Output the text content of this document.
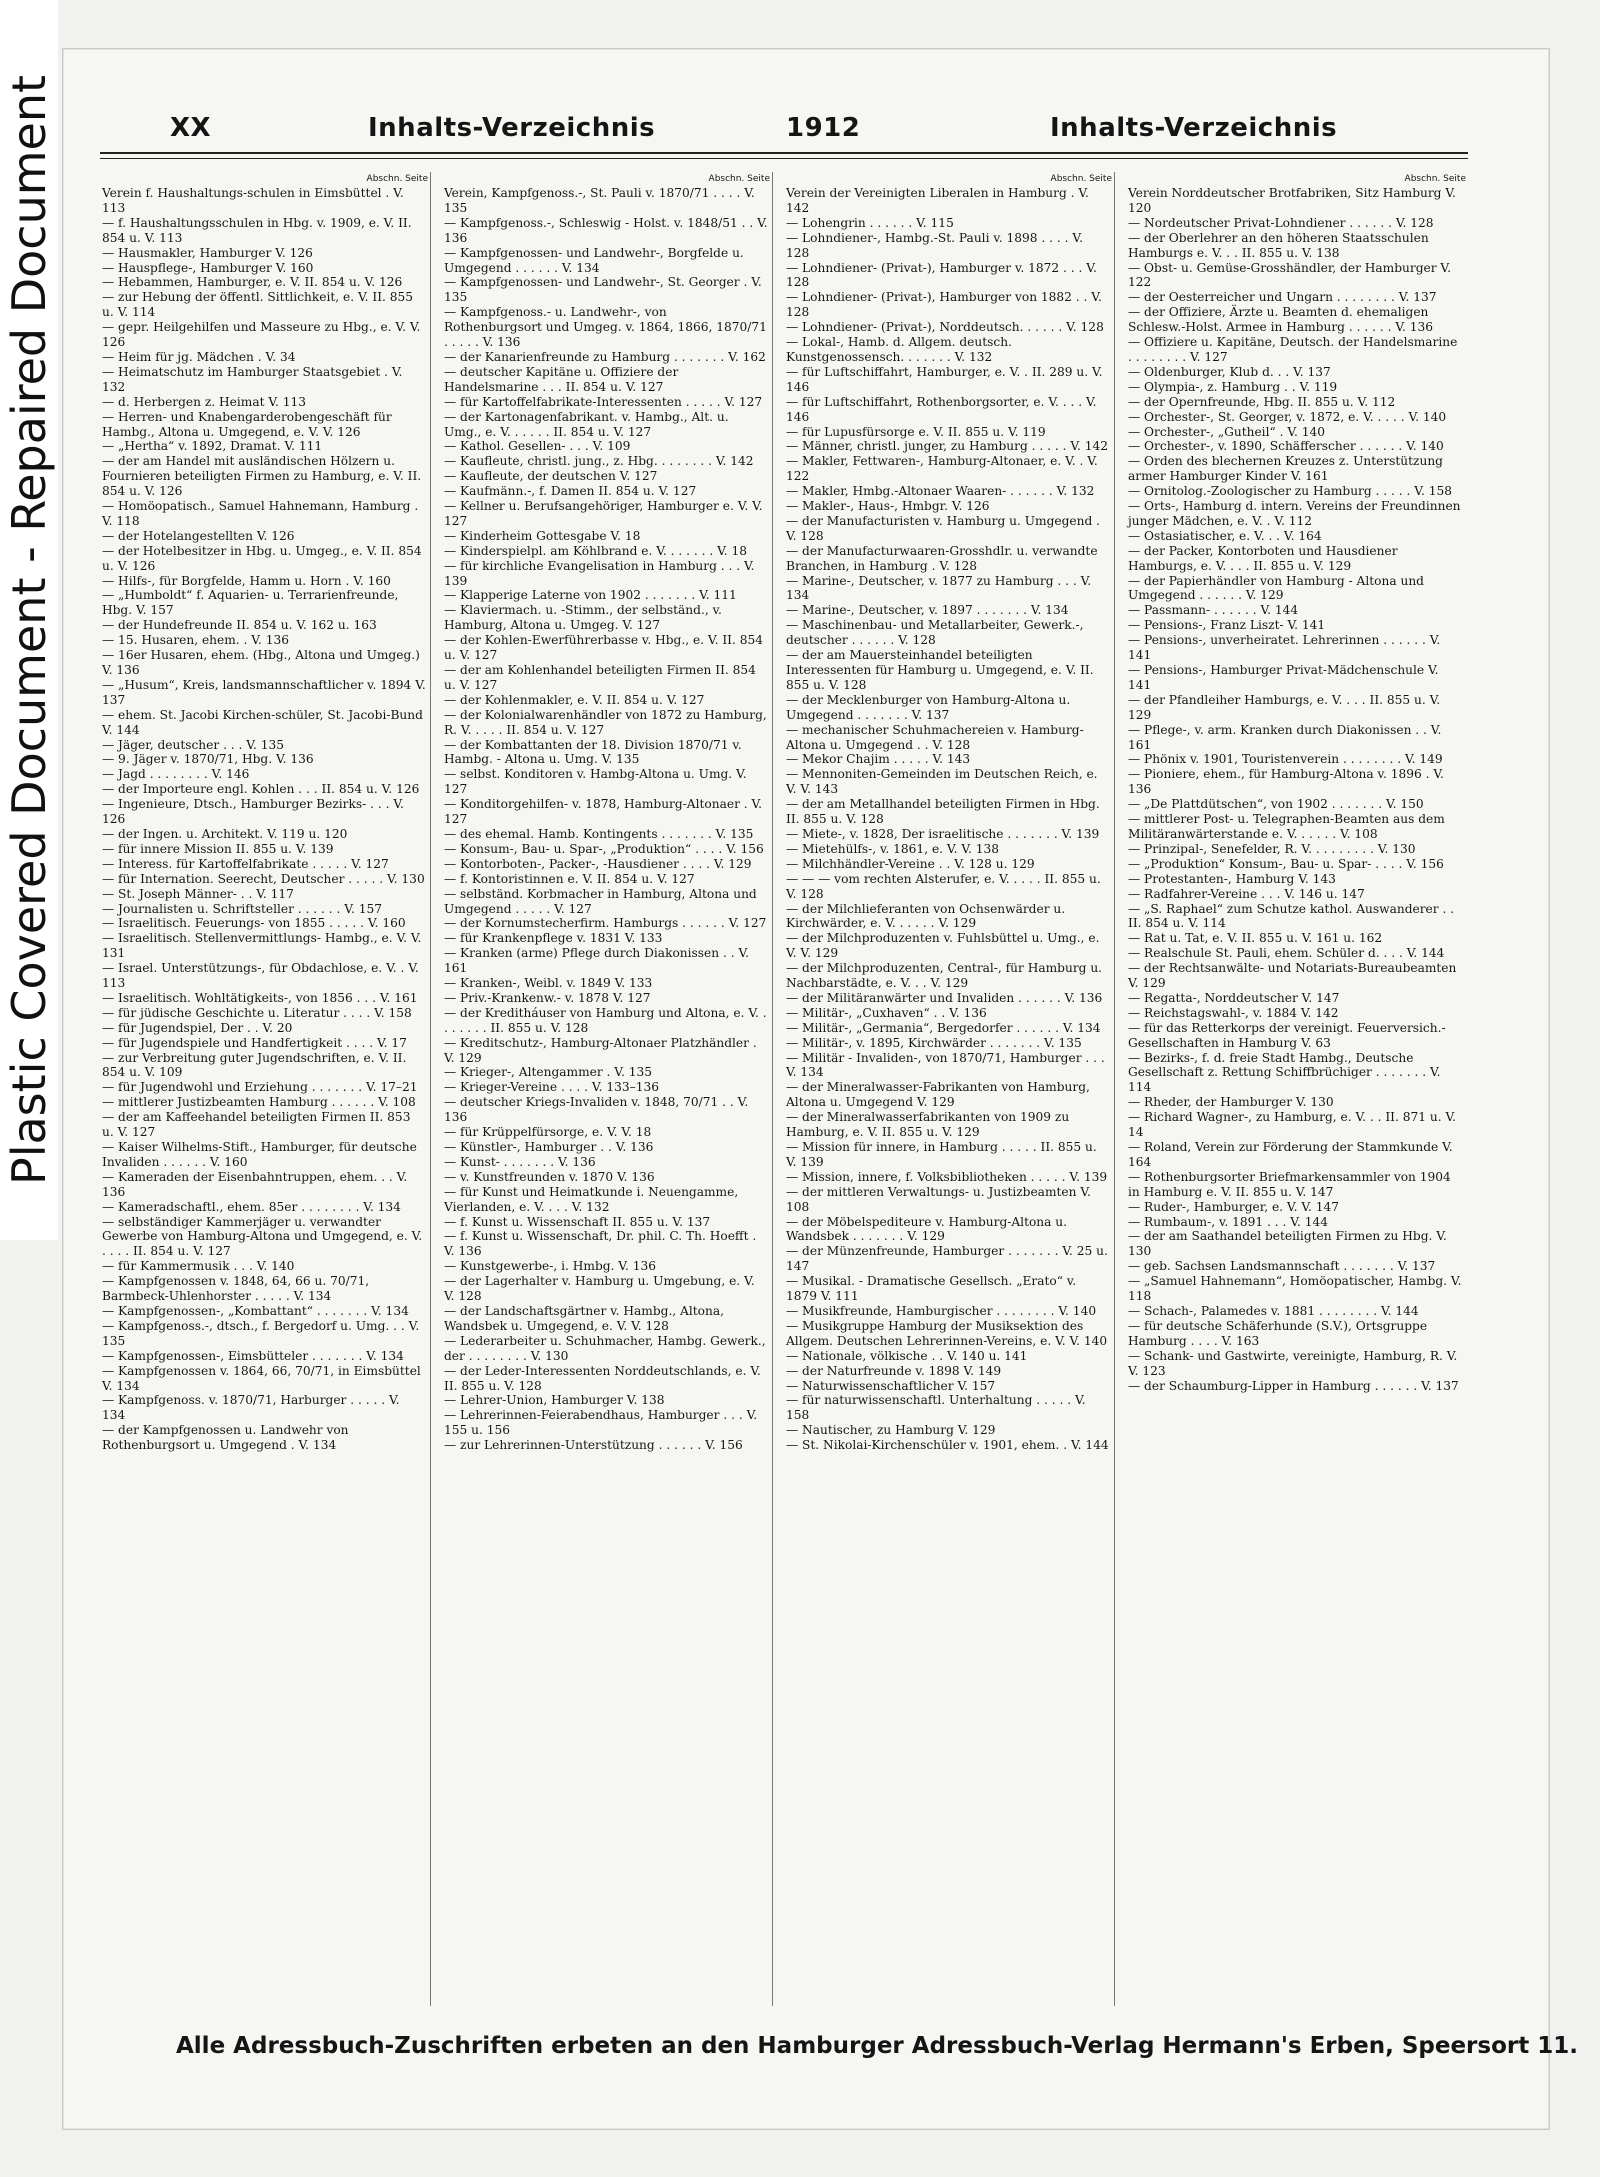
Plastic Covered Document - Repaired Document	XX	Inhalts-Verzeichnis	1912	Inhalts-Verzeichnis
Abschn. Seite
Verein f. Haushaltungs-schulen in Eimsbüttel . V. 113
— f. Haushaltungsschulen in Hbg. v. 1909, e. V. II. 854 u. V. 113
— Hausmakler, Hamburger V. 126
— Hauspflege-, Hamburger V. 160
— Hebammen, Hamburger, e. V. II. 854 u. V. 126
— zur Hebung der öffentl. Sittlichkeit, e. V. II. 855 u. V. 114
— gepr. Heilgehilfen und Masseure zu Hbg., e. V. V. 126
— Heim für jg. Mädchen . V. 34
— Heimatschutz im Hamburger Staatsgebiet . V. 132
— d. Herbergen z. Heimat V. 113
— Herren- und Knabengarderobengeschäft für Hambg., Altona u. Umgegend, e. V. V. 126
— „Hertha“ v. 1892, Dramat. V. 111
— der am Handel mit ausländischen Hölzern u. Fournieren beteiligten Firmen zu Hamburg, e. V. II. 854 u. V. 126
— Homöopatisch., Samuel Hahnemann, Hamburg . V. 118
— der Hotelangestellten V. 126
— der Hotelbesitzer in Hbg. u. Umgeg., e. V. II. 854 u. V. 126
— Hilfs-, für Borgfelde, Hamm u. Horn . V. 160
— „Humboldt“ f. Aquarien- u. Terrarienfreunde, Hbg. V. 157
— der Hundefreunde II. 854 u. V. 162 u. 163
— 15. Husaren, ehem. . V. 136
— 16er Husaren, ehem. (Hbg., Altona und Umgeg.) V. 136
— „Husum“, Kreis, landsmannschaftlicher v. 1894 V. 137
— ehem. St. Jacobi Kirchen-schüler, St. Jacobi-Bund V. 144
— Jäger, deutscher . . . V. 135
— 9. Jäger v. 1870/71, Hbg. V. 136
— Jagd . . . . . . . . V. 146
— der Importeure engl. Kohlen . . . II. 854 u. V. 126
— Ingenieure, Dtsch., Hamburger Bezirks- . . . V. 126
— der Ingen. u. Architekt. V. 119 u. 120
— für innere Mission II. 855 u. V. 139
— Interess. für Kartoffelfabrikate . . . . . V. 127
— für Internation. Seerecht, Deutscher . . . . . V. 130
— St. Joseph Männer- . . V. 117
— Journalisten u. Schriftsteller . . . . . . V. 157
— Israelitisch. Feuerungs- von 1855 . . . . . V. 160
— Israelitisch. Stellenvermittlungs- Hambg., e. V. V. 131
— Israel. Unterstützungs-, für Obdachlose, e. V. . V. 113
— Israelitisch. Wohltätigkeits-, von 1856 . . . V. 161
— für jüdische Geschichte u. Literatur . . . . V. 158
— für Jugendspiel, Der . . V. 20
— für Jugendspiele und Handfertigkeit . . . . V. 17
— zur Verbreitung guter Jugendschriften, e. V. II. 854 u. V. 109
— für Jugendwohl und Erziehung . . . . . . . V. 17–21
— mittlerer Justizbeamten Hamburg . . . . . . V. 108
— der am Kaffeehandel beteiligten Firmen II. 853 u. V. 127
— Kaiser Wilhelms-Stift., Hamburger, für deutsche Invaliden . . . . . . V. 160
— Kameraden der Eisenbahntruppen, ehem. . . V. 136
— Kameradschaftl., ehem. 85er . . . . . . . . V. 134
— selbständiger Kammerjäger u. verwandter Gewerbe von Hamburg-Altona und Umgegend, e. V. . . . . II. 854 u. V. 127
— für Kammermusik . . . V. 140
— Kampfgenossen v. 1848, 64, 66 u. 70/71, Barmbeck-Uhlenhorster . . . . . V. 134
— Kampfgenossen-, „Kombattant“ . . . . . . . V. 134
— Kampfgenoss.-, dtsch., f. Bergedorf u. Umg. . . V. 135
— Kampfgenossen-, Eimsbütteler . . . . . . . V. 134
— Kampfgenossen v. 1864, 66, 70/71, in Eimsbüttel V. 134
— Kampfgenoss. v. 1870/71, Harburger . . . . . V. 134
— der Kampfgenossen u. Landwehr von Rothenburgsort u. Umgegend . V. 134
Abschn. Seite
Verein, Kampfgenoss.-, St. Pauli v. 1870/71 . . . . V. 135
— Kampfgenoss.-, Schleswig - Holst. v. 1848/51 . . V. 136
— Kampfgenossen- und Landwehr-, Borgfelde u. Umgegend . . . . . . V. 134
— Kampfgenossen- und Landwehr-, St. Georger . V. 135
— Kampfgenoss.- u. Landwehr-, von Rothenburgsort und Umgeg. v. 1864, 1866, 1870/71 . . . . . V. 136
— der Kanarienfreunde zu Hamburg . . . . . . . V. 162
— deutscher Kapitäne u. Offiziere der Handelsmarine . . . II. 854 u. V. 127
— für Kartoffelfabrikate-Interessenten . . . . . V. 127
— der Kartonagenfabrikant. v. Hambg., Alt. u. Umg., e. V. . . . . . II. 854 u. V. 127
— Kathol. Gesellen- . . . V. 109
— Kaufleute, christl. jung., z. Hbg. . . . . . . . V. 142
— Kaufleute, der deutschen V. 127
— Kaufmänn.-, f. Damen II. 854 u. V. 127
— Kellner u. Berufsangehöriger, Hamburger e. V. V. 127
— Kinderheim Gottesgabe V. 18
— Kinderspielpl. am Köhlbrand e. V. . . . . . . V. 18
— für kirchliche Evangelisation in Hamburg . . . V. 139
— Klapperige Laterne von 1902 . . . . . . . V. 111
— Klaviermach. u. -Stimm., der selbständ., v. Hamburg, Altona u. Umgeg. V. 127
— der Kohlen-Ewerführerbasse v. Hbg., e. V. II. 854 u. V. 127
— der am Kohlenhandel beteiligten Firmen II. 854 u. V. 127
— der Kohlenmakler, e. V. II. 854 u. V. 127
— der Kolonialwarenhändler von 1872 zu Hamburg, R. V. . . . . II. 854 u. V. 127
— der Kombattanten der 18. Division 1870/71 v. Hambg. - Altona u. Umg. V. 135
— selbst. Konditoren v. Hambg-Altona u. Umg. V. 127
— Konditorgehilfen- v. 1878, Hamburg-Altonaer . V. 127
— des ehemal. Hamb. Kontingents . . . . . . . V. 135
— Konsum-, Bau- u. Spar-, „Produktion“ . . . . V. 156
— Kontorboten-, Packer-, -Hausdiener . . . . V. 129
— f. Kontoristinnen e. V. II. 854 u. V. 127
— selbständ. Korbmacher in Hamburg, Altona und Umgegend . . . . . V. 127
— der Kornumstecherfirm. Hamburgs . . . . . . V. 127
— für Krankenpflege v. 1831 V. 133
— Kranken (arme) Pflege durch Diakonissen . . V. 161
— Kranken-, Weibl. v. 1849 V. 133
— Priv.-Krankenw.- v. 1878 V. 127
— der Kreditháuser von Hamburg und Altona, e. V. . . . . . . . II. 855 u. V. 128
— Kreditschutz-, Hamburg-Altonaer Platzhändler . V. 129
— Krieger-, Altengammer . V. 135
— Krieger-Vereine . . . . V. 133–136
— deutscher Kriegs-Invaliden v. 1848, 70/71 . . V. 136
— für Krüppelfürsorge, e. V. V. 18
— Künstler-, Hamburger . . V. 136
— Kunst- . . . . . . . V. 136
— v. Kunstfreunden v. 1870 V. 136
— für Kunst und Heimatkunde i. Neuengamme, Vierlanden, e. V. . . . V. 132
— f. Kunst u. Wissenschaft II. 855 u. V. 137
— f. Kunst u. Wissenschaft, Dr. phil. C. Th. Hoefft . V. 136
— Kunstgewerbe-, i. Hmbg. V. 136
— der Lagerhalter v. Hamburg u. Umgebung, e. V. V. 128
— der Landschaftsgärtner v. Hambg., Altona, Wandsbek u. Umgegend, e. V. V. 128
— Lederarbeiter u. Schuhmacher, Hambg. Gewerk., der . . . . . . . . V. 130
— der Leder-Interessenten Norddeutschlands, e. V. II. 855 u. V. 128
— Lehrer-Union, Hamburger V. 138
— Lehrerinnen-Feierabendhaus, Hamburger . . . V. 155 u. 156
— zur Lehrerinnen-Unterstützung . . . . . . V. 156
Abschn. Seite
Verein der Vereinigten Liberalen in Hamburg . V. 142
— Lohengrin . . . . . . V. 115
— Lohndiener-, Hambg.-St. Pauli v. 1898 . . . . V. 128
— Lohndiener- (Privat-), Hamburger v. 1872 . . . V. 128
— Lohndiener- (Privat-), Hamburger von 1882 . . V. 128
— Lohndiener- (Privat-), Norddeutsch. . . . . . V. 128
— Lokal-, Hamb. d. Allgem. deutsch. Kunstgenossensch. . . . . . . V. 132
— für Luftschiffahrt, Hamburger, e. V. . II. 289 u. V. 146
— für Luftschiffahrt, Rothenborgsorter, e. V. . . . V. 146
— für Lupusfürsorge e. V. II. 855 u. V. 119
— Männer, christl. junger, zu Hamburg . . . . . V. 142
— Makler, Fettwaren-, Hamburg-Altonaer, e. V. . V. 122
— Makler, Hmbg.-Altonaer Waaren- . . . . . . V. 132
— Makler-, Haus-, Hmbgr. V. 126
— der Manufacturisten v. Hamburg u. Umgegend . V. 128
— der Manufacturwaaren-Grosshdlr. u. verwandte Branchen, in Hamburg . V. 128
— Marine-, Deutscher, v. 1877 zu Hamburg . . . V. 134
— Marine-, Deutscher, v. 1897 . . . . . . . V. 134
— Maschinenbau- und Metallarbeiter, Gewerk.-, deutscher . . . . . . V. 128
— der am Mauersteinhandel beteiligten Interessenten für Hamburg u. Umgegend, e. V. II. 855 u. V. 128
— der Mecklenburger von Hamburg-Altona u. Umgegend . . . . . . . V. 137
— mechanischer Schuhmachereien v. Hamburg-Altona u. Umgegend . . V. 128
— Mekor Chajim . . . . . V. 143
— Mennoniten-Gemeinden im Deutschen Reich, e. V. V. 143
— der am Metallhandel beteiligten Firmen in Hbg. II. 855 u. V. 128
— Miete-, v. 1828, Der israelitische . . . . . . . V. 139
— Mietehülfs-, v. 1861, e. V. V. 138
— Milchhändler-Vereine . . V. 128 u. 129
— — — vom rechten Alsterufer, e. V. . . . . II. 855 u. V. 128
— der Milchlieferanten von Ochsenwärder u. Kirchwärder, e. V. . . . . . V. 129
— der Milchproduzenten v. Fuhlsbüttel u. Umg., e. V. V. 129
— der Milchproduzenten, Central-, für Hamburg u. Nachbarstädte, e. V. . . V. 129
— der Militäranwärter und Invaliden . . . . . . V. 136
— Militär-, „Cuxhaven“ . . V. 136
— Militär-, „Germania“, Bergedorfer . . . . . . V. 134
— Militär-, v. 1895, Kirchwärder . . . . . . . V. 135
— Militär - Invaliden-, von 1870/71, Hamburger . . . V. 134
— der Mineralwasser-Fabrikanten von Hamburg, Altona u. Umgegend V. 129
— der Mineralwasserfabrikanten von 1909 zu Hamburg, e. V. II. 855 u. V. 129
— Mission für innere, in Hamburg . . . . . II. 855 u. V. 139
— Mission, innere, f. Volksbibliotheken . . . . . V. 139
— der mittleren Verwaltungs- u. Justizbeamten V. 108
— der Möbelspediteure v. Hamburg-Altona u. Wandsbek . . . . . . . V. 129
— der Münzenfreunde, Hamburger . . . . . . . V. 25 u. 147
— Musikal. - Dramatische Gesellsch. „Erato“ v. 1879 V. 111
— Musikfreunde, Hamburgischer . . . . . . . . V. 140
— Musikgruppe Hamburg der Musiksektion des Allgem. Deutschen Lehrerinnen-Vereins, e. V. V. 140
— Nationale, völkische . . V. 140 u. 141
— der Naturfreunde v. 1898 V. 149
— Naturwissenschaftlicher V. 157
— für naturwissenschaftl. Unterhaltung . . . . . V. 158
— Nautischer, zu Hamburg V. 129
— St. Nikolai-Kirchenschüler v. 1901, ehem. . V. 144
Abschn. Seite
Verein Norddeutscher Brotfabriken, Sitz Hamburg V. 120
— Nordeutscher Privat-Lohndiener . . . . . . V. 128
— der Oberlehrer an den höheren Staatsschulen Hamburgs e. V. . . II. 855 u. V. 138
— Obst- u. Gemüse-Grosshändler, der Hamburger V. 122
— der Oesterreicher und Ungarn . . . . . . . . V. 137
— der Offiziere, Ärzte u. Beamten d. ehemaligen Schlesw.-Holst. Armee in Hamburg . . . . . . V. 136
— Offiziere u. Kapitäne, Deutsch. der Handelsmarine . . . . . . . . V. 127
— Oldenburger, Klub d. . . V. 137
— Olympia-, z. Hamburg . . V. 119
— der Opernfreunde, Hbg. II. 855 u. V. 112
— Orchester-, St. Georger, v. 1872, e. V. . . . . V. 140
— Orchester-, „Gutheil“ . V. 140
— Orchester-, v. 1890, Schäfferscher . . . . . . V. 140
— Orden des blechernen Kreuzes z. Unterstützung armer Hamburger Kinder V. 161
— Ornitolog.-Zoologischer zu Hamburg . . . . . V. 158
— Orts-, Hamburg d. intern. Vereins der Freundinnen junger Mädchen, e. V. . V. 112
— Ostasiatischer, e. V. . . V. 164
— der Packer, Kontorboten und Hausdiener Hamburgs, e. V. . . . II. 855 u. V. 129
— der Papierhändler von Hamburg - Altona und Umgegend . . . . . . V. 129
— Passmann- . . . . . . V. 144
— Pensions-, Franz Liszt- V. 141
— Pensions-, unverheiratet. Lehrerinnen . . . . . . V. 141
— Pensions-, Hamburger Privat-Mädchenschule V. 141
— der Pfandleiher Hamburgs, e. V. . . . II. 855 u. V. 129
— Pflege-, v. arm. Kranken durch Diakonissen . . V. 161
— Phönix v. 1901, Touristenverein . . . . . . . . V. 149
— Pioniere, ehem., für Hamburg-Altona v. 1896 . V. 136
— „De Plattdütschen“, von 1902 . . . . . . . V. 150
— mittlerer Post- u. Telegraphen-Beamten aus dem Militäranwärterstande e. V. . . . . . V. 108
— Prinzipal-, Senefelder, R. V. . . . . . . . . V. 130
— „Produktion“ Konsum-, Bau- u. Spar- . . . . V. 156
— Protestanten-, Hamburg V. 143
— Radfahrer-Vereine . . . V. 146 u. 147
— „S. Raphael“ zum Schutze kathol. Auswanderer . . II. 854 u. V. 114
— Rat u. Tat, e. V. II. 855 u. V. 161 u. 162
— Realschule St. Pauli, ehem. Schüler d. . . . V. 144
— der Rechtsanwälte- und Notariats-Bureaubeamten V. 129
— Regatta-, Norddeutscher V. 147
— Reichstagswahl-, v. 1884 V. 142
— für das Retterkorps der vereinigt. Feuerversich.-Gesellschaften in Hamburg V. 63
— Bezirks-, f. d. freie Stadt Hambg., Deutsche Gesellschaft z. Rettung Schiffbrüchiger . . . . . . . V. 114
— Rheder, der Hamburger V. 130
— Richard Wagner-, zu Hamburg, e. V. . . II. 871 u. V. 14
— Roland, Verein zur Förderung der Stammkunde V. 164
— Rothenburgsorter Briefmarkensammler von 1904 in Hamburg e. V. II. 855 u. V. 147
— Ruder-, Hamburger, e. V. V. 147
— Rumbaum-, v. 1891 . . . V. 144
— der am Saathandel beteiligten Firmen zu Hbg. V. 130
— geb. Sachsen Landsmannschaft . . . . . . . V. 137
— „Samuel Hahnemann“, Homöopatischer, Hambg. V. 118
— Schach-, Palamedes v. 1881 . . . . . . . . V. 144
— für deutsche Schäferhunde (S.V.), Ortsgruppe Hamburg . . . . V. 163
— Schank- und Gastwirte, vereinigte, Hamburg, R. V. V. 123
— der Schaumburg-Lipper in Hamburg . . . . . . V. 137
Alle Adressbuch-Zuschriften erbeten an den Hamburger Adressbuch-Verlag Hermann's Erben, Speersort 11.
